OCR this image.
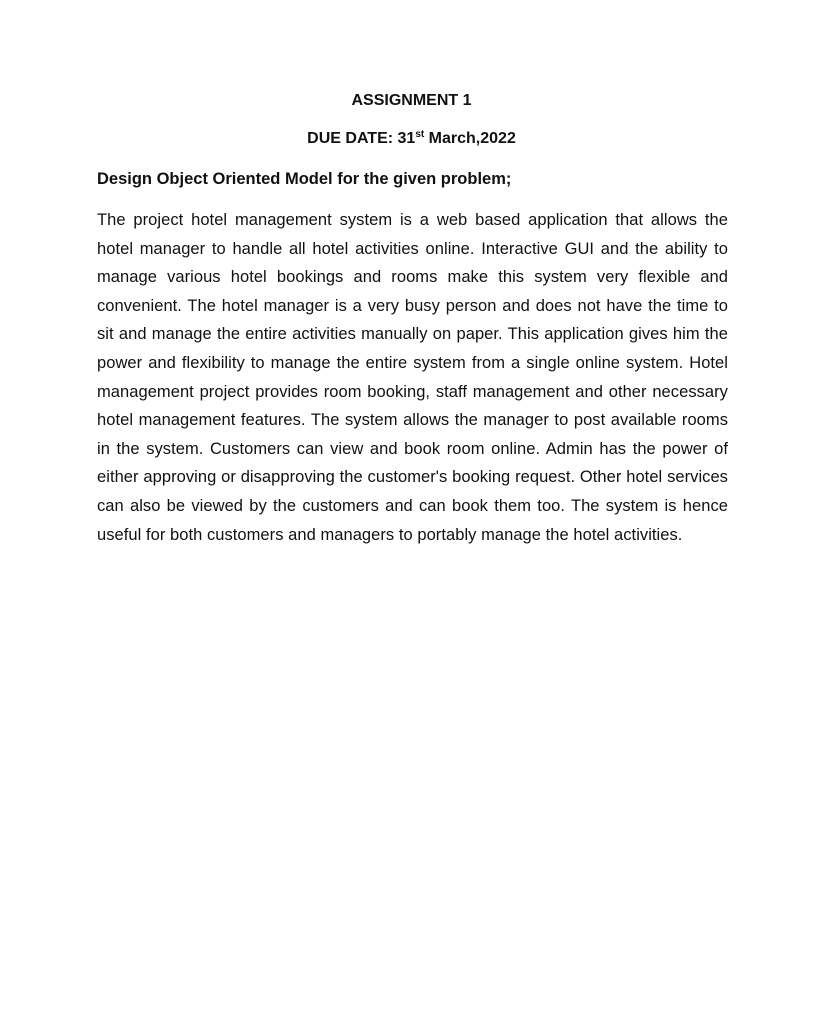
ASSIGNMENT 1
DUE DATE: 31st March,2022
Design Object Oriented Model for the given problem;
The project hotel management system is a web based application that allows the hotel manager to handle all hotel activities online. Interactive GUI and the ability to manage various hotel bookings and rooms make this system very flexible and convenient. The hotel manager is a very busy person and does not have the time to sit and manage the entire activities manually on paper. This application gives him the power and flexibility to manage the entire system from a single online system. Hotel management project provides room booking, staff management and other necessary hotel management features. The system allows the manager to post available rooms in the system. Customers can view and book room online. Admin has the power of either approving or disapproving the customer's booking request. Other hotel services can also be viewed by the customers and can book them too. The system is hence useful for both customers and managers to portably manage the hotel activities.
